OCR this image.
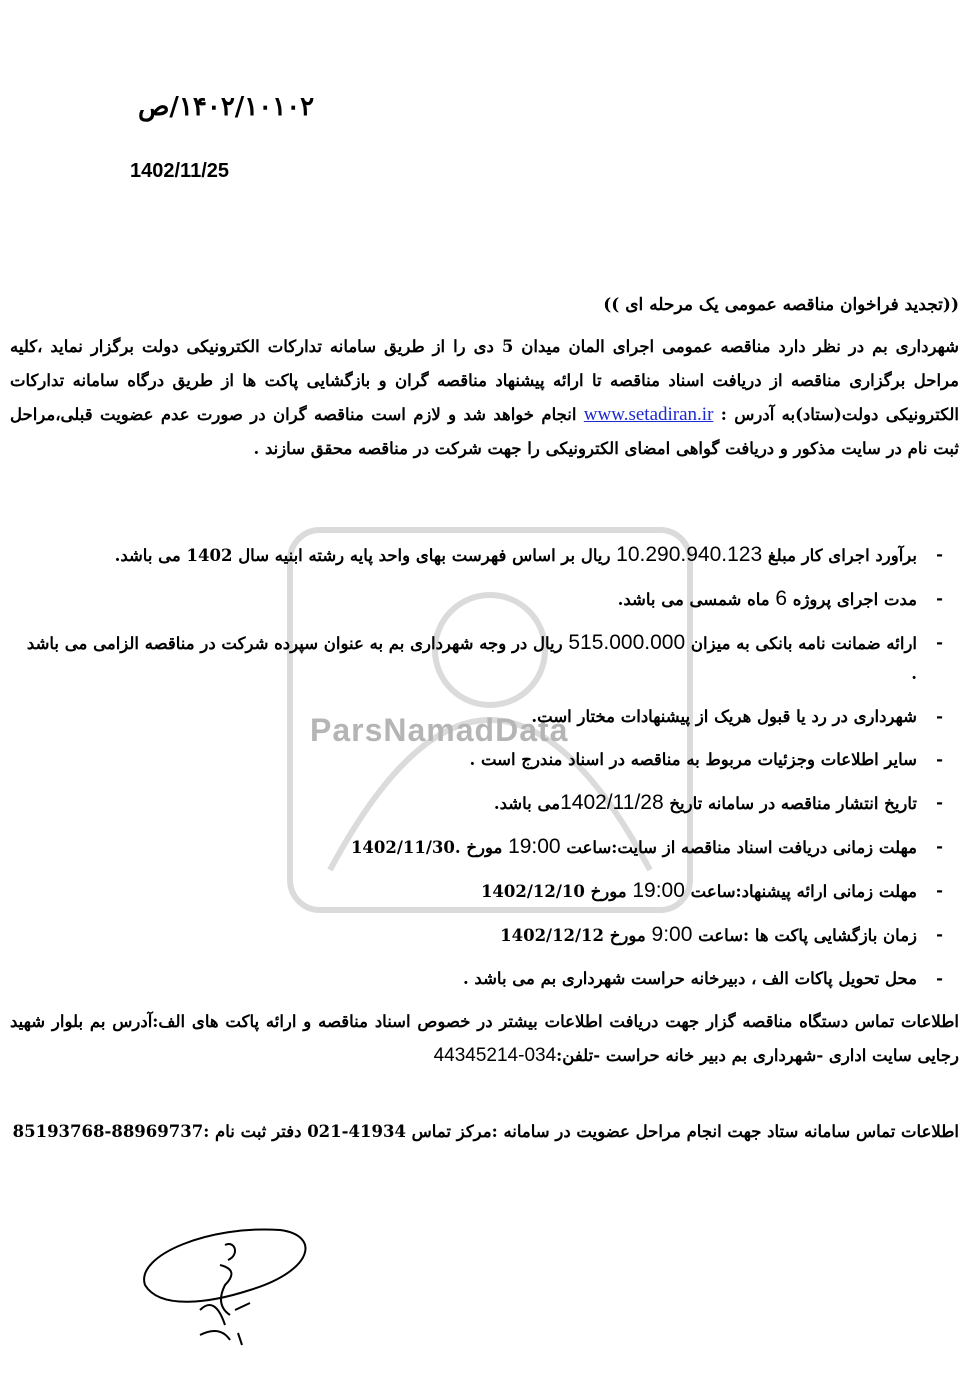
ParsNamadData
۱۴۰۲/۱۰۱۰۲/ص
1402/11/25
((تجدید فراخوان مناقصه عمومی یک مرحله ای ))
شهرداری بم در نظر دارد مناقصه عمومی اجرای المان میدان 5 دی را از طریق سامانه تدارکات الکترونیکی دولت برگزار نماید ،کلیه مراحل برگزاری مناقصه از دریافت اسناد مناقصه تا ارائه پیشنهاد مناقصه گران و بازگشایی پاکت ها از طریق درگاه سامانه تدارکات الکترونیکی دولت(ستاد)به آدرس : www.setadiran.ir انجام خواهد شد و لازم است مناقصه گران در صورت عدم عضویت قبلی،مراحل ثبت نام در سایت مذکور و دریافت گواهی امضای الکترونیکی را جهت شرکت در مناقصه محقق سازند .
-
برآورد اجرای کار مبلغ 10.290.940.123 ریال بر اساس فهرست بهای واحد پایه رشته ابنیه سال 1402 می باشد.
-
مدت اجرای پروژه 6 ماه شمسی می باشد.
-
ارائه ضمانت نامه بانکی به میزان 515.000.000 ریال در وجه شهرداری بم به عنوان سپرده شرکت در مناقصه الزامی می باشد .
-
شهرداری در رد یا قبول هریک از پیشنهادات مختار است.
-
سایر اطلاعات وجزئیات مربوط به مناقصه در اسناد مندرج است .
-
تاریخ انتشار مناقصه در سامانه تاریخ 1402/11/28می باشد.
-
مهلت زمانی دریافت اسناد مناقصه از سایت:ساعت 19:00 مورخ .1402/11/30
-
مهلت زمانی ارائه پیشنهاد:ساعت 19:00 مورخ 1402/12/10
-
زمان بازگشایی پاکت ها :ساعت 9:00 مورخ 1402/12/12
-
محل تحویل پاکات الف ، دبیرخانه حراست شهرداری بم می باشد .
اطلاعات تماس دستگاه مناقصه گزار جهت دریافت اطلاعات بیشتر در خصوص اسناد مناقصه و ارائه پاکت های الف:آدرس بم بلوار شهید رجایی سایت اداری -شهرداری بم دبیر خانه حراست -تلفن:034-44345214
اطلاعات تماس سامانه ستاد جهت انجام مراحل عضویت در سامانه :مرکز تماس 41934-021 دفتر ثبت نام :88969737-85193768
